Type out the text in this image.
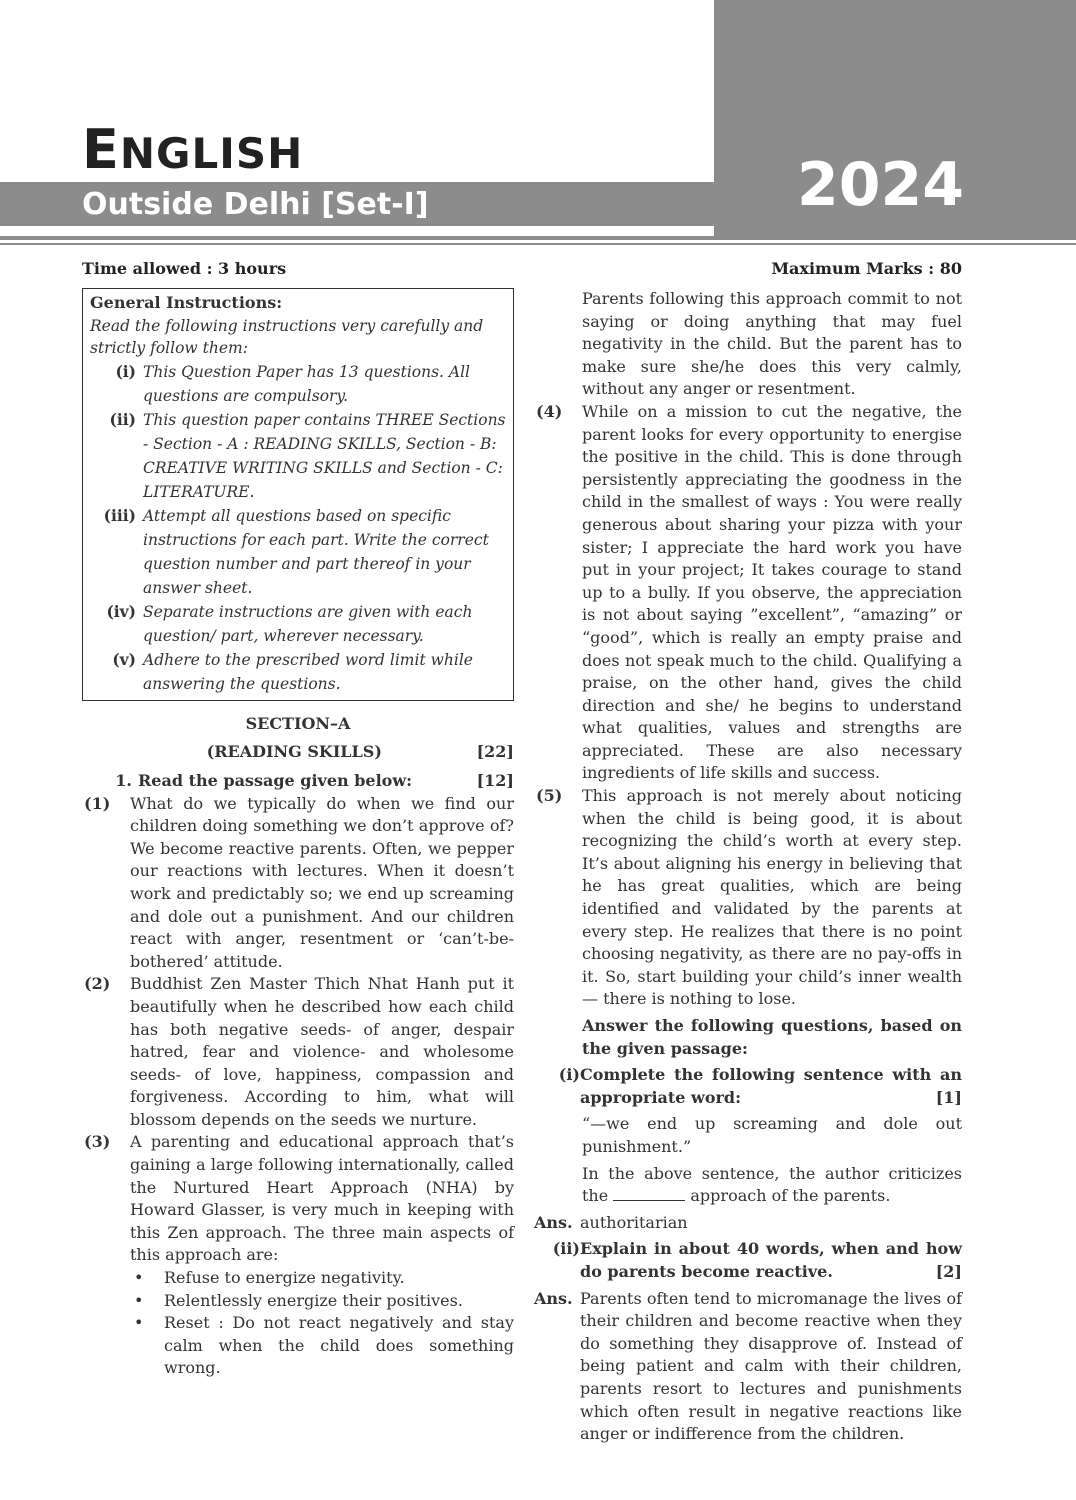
ENGLISH
Outside Delhi [Set-I]	2024
Time allowed : 3 hours	Maximum Marks : 80
General Instructions:
Read the following instructions very carefully and strictly follow them:
(i) This Question Paper has 13 questions. All questions are compulsory.
(ii) This question paper contains THREE Sections - Section - A : READING SKILLS, Section - B: CREATIVE WRITING SKILLS and Section - C: LITERATURE.
(iii) Attempt all questions based on specific instructions for each part. Write the correct question number and part thereof in your answer sheet.
(iv) Separate instructions are given with each question/ part, wherever necessary.
(v) Adhere to the prescribed word limit while answering the questions.
SECTION–A
(READING SKILLS)	[22]
1. Read the passage given below:	[12]
(1)	What do we typically do when we find our children doing something we don’t approve of? We become reactive parents. Often, we pepper our reactions with lectures. When it doesn’t work and predictably so; we end up screaming and dole out a punishment. And our children react with anger, resentment or ‘can’t-be-bothered’ attitude.
(2)	Buddhist Zen Master Thich Nhat Hanh put it beautifully when he described how each child has both negative seeds- of anger, despair hatred, fear and violence- and wholesome seeds- of love, happiness, compassion and forgiveness. According to him, what will blossom depends on the seeds we nurture.
(3)	A parenting and educational approach that’s gaining a large following internationally, called the Nurtured Heart Approach (NHA) by Howard Glasser, is very much in keeping with this Zen approach. The three main aspects of this approach are:
•	Refuse to energize negativity.
•	Relentlessly energize their positives.
•	Reset : Do not react negatively and stay calm when the child does something wrong.
Parents following this approach commit to not saying or doing anything that may fuel negativity in the child. But the parent has to make sure she/he does this very calmly, without any anger or resentment.
(4)	While on a mission to cut the negative, the parent looks for every opportunity to energise the positive in the child. This is done through persistently appreciating the goodness in the child in the smallest of ways : You were really generous about sharing your pizza with your sister; I appreciate the hard work you have put in your project; It takes courage to stand up to a bully. If you observe, the appreciation is not about saying ”excellent”, “amazing” or “good”, which is really an empty praise and does not speak much to the child. Qualifying a praise, on the other hand, gives the child direction and she/ he begins to understand what qualities, values and strengths are appreciated. These are also necessary ingredients of life skills and success.
(5)	This approach is not merely about noticing when the child is being good, it is about recognizing the child’s worth at every step. It’s about aligning his energy in believing that he has great qualities, which are being identified and validated by the parents at every step. He realizes that there is no point choosing negativity, as there are no pay-offs in it. So, start building your child’s inner wealth — there is nothing to lose.
Answer the following questions, based on the given passage:
(i) Complete the following sentence with an appropriate word:	[1]
“—we end up screaming and dole out punishment.”
In the above sentence, the author criticizes the	approach of the parents.
Ans. authoritarian
(ii) Explain in about 40 words, when and how do parents become reactive.	[2]
Ans. Parents often tend to micromanage the lives of their children and become reactive when they do something they disapprove of. Instead of being patient and calm with their children, parents resort to lectures and punishments which often result in negative reactions like anger or indifference from the children.
